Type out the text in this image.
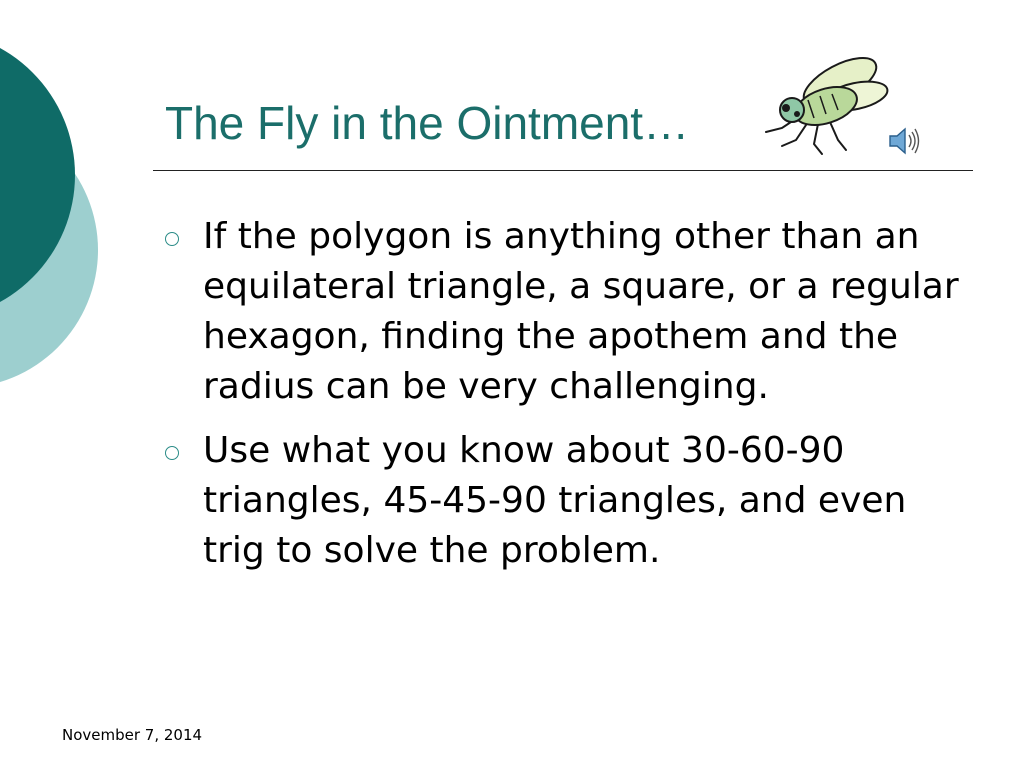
The Fly in the Ointment…
If the polygon is anything other than an equilateral triangle, a square, or a regular hexagon, finding the apothem and the radius can be very challenging.
Use what you know about 30-60-90 triangles, 45-45-90 triangles, and even trig to solve the problem.
November 7, 2014
